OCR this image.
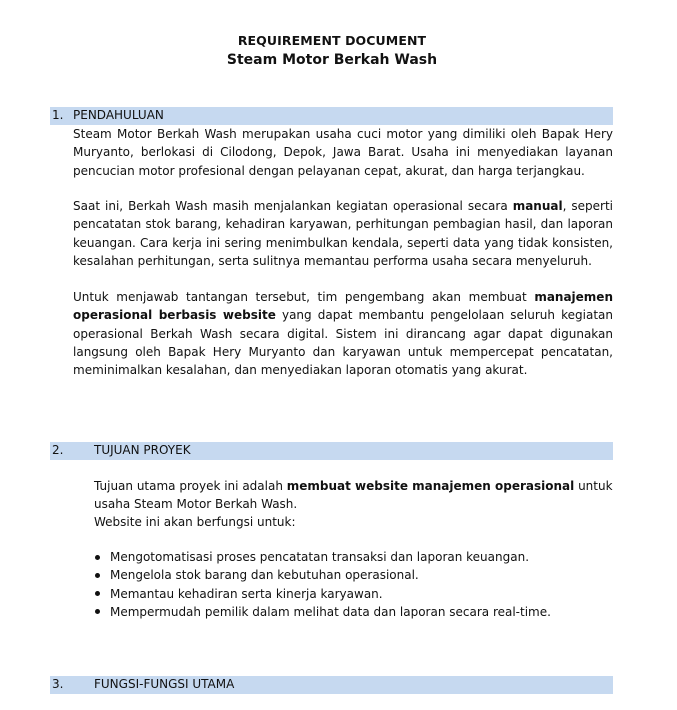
REQUIREMENT DOCUMENT
Steam Motor Berkah Wash
1. PENDAHULUAN

Steam Motor Berkah Wash merupakan usaha cuci motor yang dimiliki oleh Bapak Hery Muryanto, berlokasi di Cilodong, Depok, Jawa Barat. Usaha ini menyediakan layanan pencucian motor profesional dengan pelayanan cepat, akurat, dan harga terjangkau.

Saat ini, Berkah Wash masih menjalankan kegiatan operasional secara manual, seperti pencatatan stok barang, kehadiran karyawan, perhitungan pembagian hasil, dan laporan keuangan. Cara kerja ini sering menimbulkan kendala, seperti data yang tidak konsisten, kesalahan perhitungan, serta sulitnya memantau performa usaha secara menyeluruh.

Untuk menjawab tantangan tersebut, tim pengembang akan membuat manajemen operasional berbasis website yang dapat membantu pengelolaan seluruh kegiatan operasional Berkah Wash secara digital. Sistem ini dirancang agar dapat digunakan langsung oleh Bapak Hery Muryanto dan karyawan untuk mempercepat pencatatan, meminimalkan kesalahan, dan menyediakan laporan otomatis yang akurat.

2.	TUJUAN PROYEK

Tujuan utama proyek ini adalah membuat website manajemen operasional untuk usaha Steam Motor Berkah Wash.

Website ini akan berfungsi untuk:

Mengotomatisasi proses pencatatan transaksi dan laporan keuangan.
Mengelola stok barang dan kebutuhan operasional.
Memantau kehadiran serta kinerja karyawan.
Mempermudah pemilik dalam melihat data dan laporan secara real-time.
3.	FUNGSI-FUNGSI UTAMA
